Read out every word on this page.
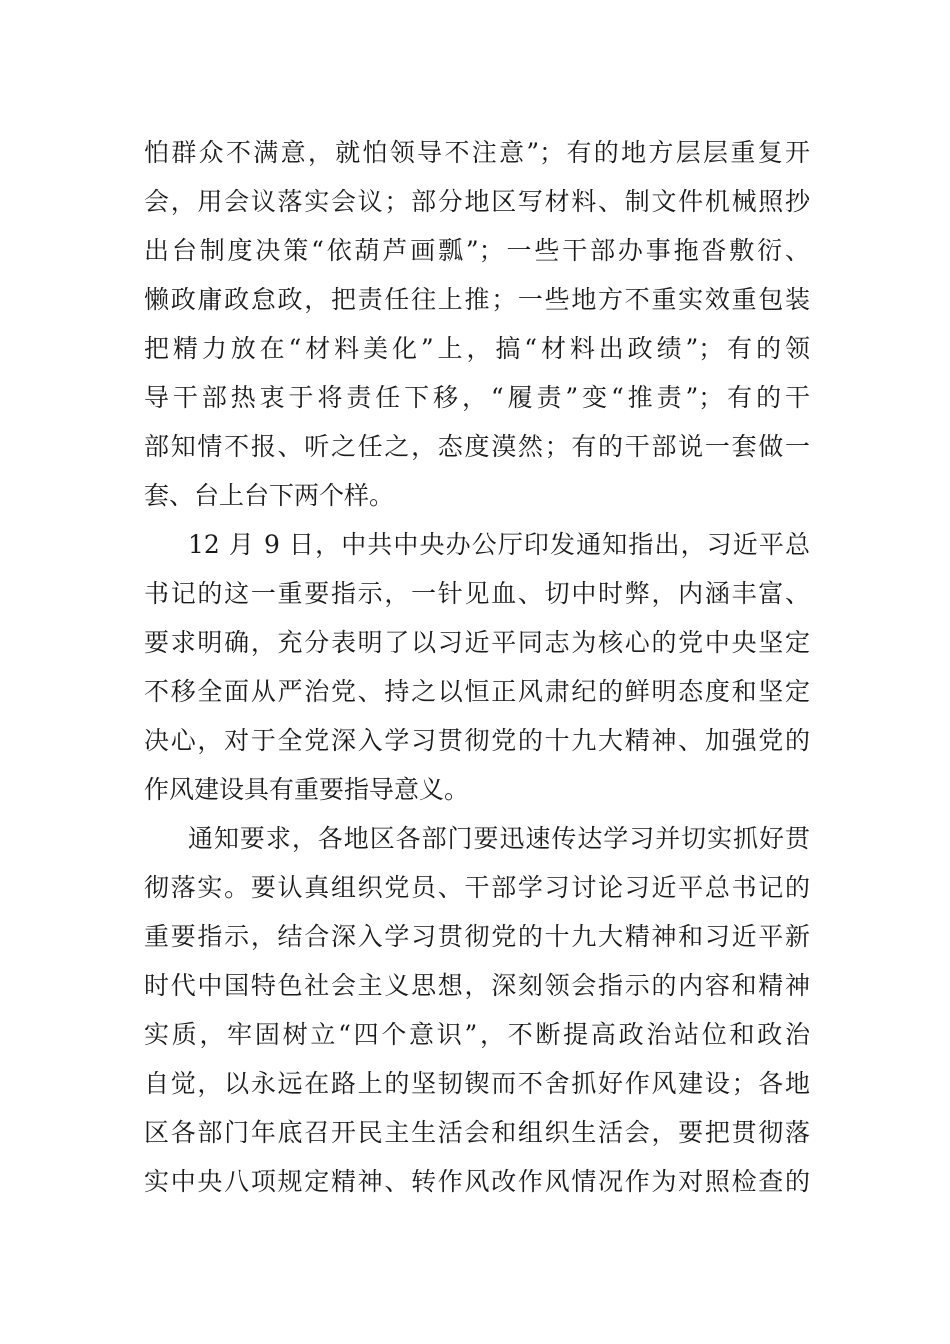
怕群众不满意，就怕领导不注意”；有的地方层层重复开
会，用会议落实会议；部分地区写材料、制文件机械照抄
出台制度决策“依葫芦画瓢”；一些干部办事拖沓敷衍、
懒政庸政怠政，把责任往上推；一些地方不重实效重包装
把精力放在“材料美化”上，搞“材料出政绩”；有的领
导干部热衷于将责任下移，“履责”变“推责”；有的干
部知情不报、听之任之，态度漠然；有的干部说一套做一
套、台上台下两个样。
12 月 9 日，中共中央办公厅印发通知指出，习近平总
书记的这一重要指示，一针见血、切中时弊，内涵丰富、
要求明确，充分表明了以习近平同志为核心的党中央坚定
不移全面从严治党、持之以恒正风肃纪的鲜明态度和坚定
决心，对于全党深入学习贯彻党的十九大精神、加强党的
作风建设具有重要指导意义。
通知要求，各地区各部门要迅速传达学习并切实抓好贯
彻落实。要认真组织党员、干部学习讨论习近平总书记的
重要指示，结合深入学习贯彻党的十九大精神和习近平新
时代中国特色社会主义思想，深刻领会指示的内容和精神
实质，牢固树立“四个意识”，不断提高政治站位和政治
自觉，以永远在路上的坚韧锲而不舍抓好作风建设；各地
区各部门年底召开民主生活会和组织生活会，要把贯彻落
实中央八项规定精神、转作风改作风情况作为对照检查的
